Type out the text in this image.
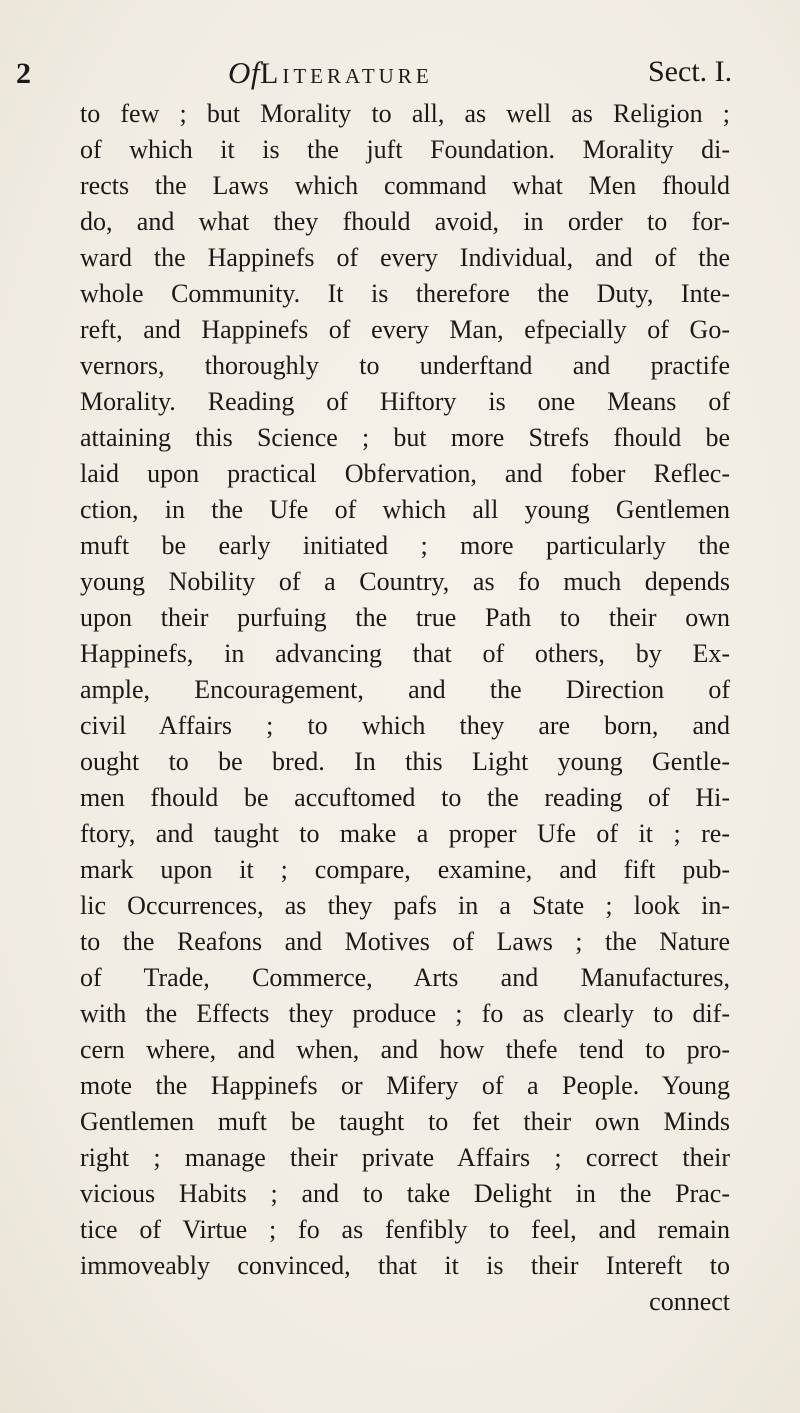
2	OfLiterature	Sect. I.
to few ; but Morality to all, as well as Religion ;
of which it is the juft Foundation. Morality di-
rects the Laws which command what Men fhould
do, and what they fhould avoid, in order to for-
ward the Happinefs of every Individual, and of the
whole Community. It is therefore the Duty, Inte-
reft, and Happinefs of every Man, efpecially of Go-
vernors, thoroughly to underftand and practife
Morality. Reading of Hiftory is one Means of
attaining this Science ; but more Strefs fhould be
laid upon practical Obfervation, and fober Reflec-
ction, in the Ufe of which all young Gentlemen
muft be early initiated ; more particularly the
young Nobility of a Country, as fo much depends
upon their purfuing the true Path to their own
Happinefs, in advancing that of others, by Ex-
ample, Encouragement, and the Direction of
civil Affairs ; to which they are born, and
ought to be bred. In this Light young Gentle-
men fhould be accuftomed to the reading of Hi-
ftory, and taught to make a proper Ufe of it ; re-
mark upon it ; compare, examine, and fift pub-
lic Occurrences, as they pafs in a State ; look in-
to the Reafons and Motives of Laws ; the Nature
of Trade, Commerce, Arts and Manufactures,
with the Effects they produce ; fo as clearly to dif-
cern where, and when, and how thefe tend to pro-
mote the Happinefs or Mifery of a People. Young
Gentlemen muft be taught to fet their own Minds
right ; manage their private Affairs ; correct their
vicious Habits ; and to take Delight in the Prac-
tice of Virtue ; fo as fenfibly to feel, and remain
immoveably convinced, that it is their Intereft to
connect
